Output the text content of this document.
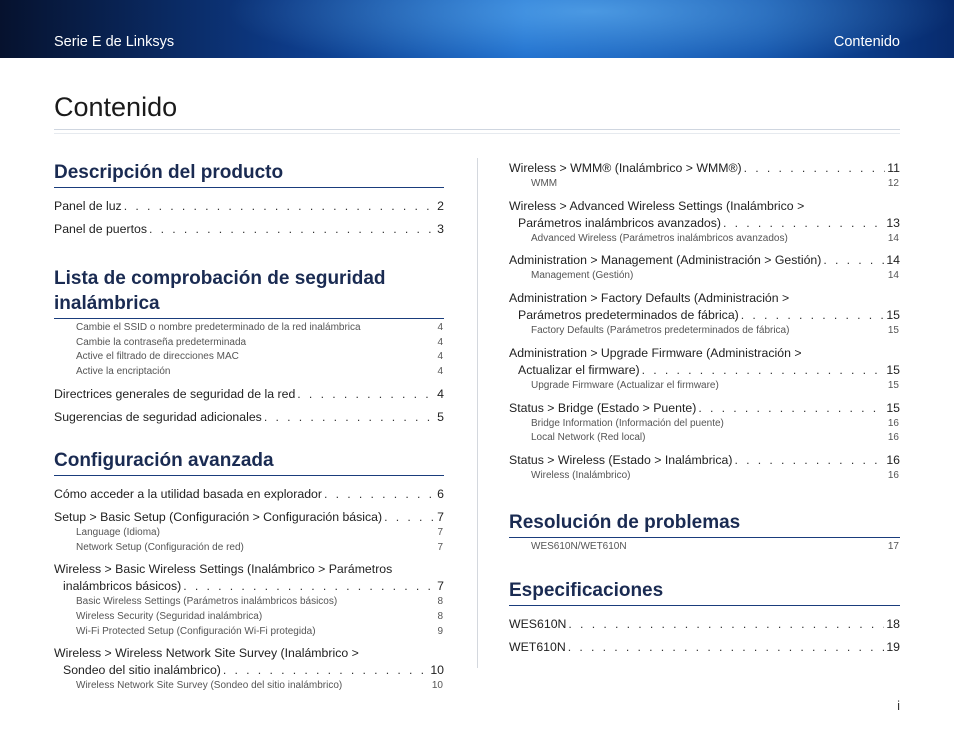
Serie E de Linksys	Contenido
Contenido
Descripción del producto
Panel de luz . . .	2
Panel de puertos . . .	3
Lista de comprobación de seguridad
inalámbrica
Cambie el SSID o nombre predeterminado de la red inalámbrica	4
Cambie la contraseña predeterminada	4
Active el filtrado de direcciones MAC	4
Active la encriptación	4
Directrices generales de seguridad de la red . . .	4
Sugerencias de seguridad adicionales . . .	5
Configuración avanzada
Cómo acceder a la utilidad basada en explorador . . .	6
Setup > Basic Setup (Configuración > Configuración básica) . . .	7
Language (Idioma)	7
Network Setup (Configuración de red)	7
Wireless > Basic Wireless Settings (Inalámbrico > Parámetros
inalámbricos básicos) . . .	7
Basic Wireless Settings (Parámetros inalámbricos básicos)	8
Wireless Security (Seguridad inalámbrica)	8
Wi-Fi Protected Setup (Configuración Wi-Fi protegida)	9
Wireless > Wireless Network Site Survey (Inalámbrico >
Sondeo del sitio inalámbrico) . . .	10
Wireless Network Site Survey (Sondeo del sitio inalámbrico)	10
Wireless > WMM® (Inalámbrico > WMM®) . . .	11
WMM	12
Wireless > Advanced Wireless Settings (Inalámbrico >
Parámetros inalámbricos avanzados) . . .	13
Advanced Wireless (Parámetros inalámbricos avanzados)	14
Administration > Management (Administración > Gestión) . . .	14
Management (Gestión)	14
Administration > Factory Defaults (Administración >
Parámetros predeterminados de fábrica) . . .	15
Factory Defaults (Parámetros predeterminados de fábrica)	15
Administration > Upgrade Firmware (Administración >
Actualizar el firmware) . . .	15
Upgrade Firmware (Actualizar el firmware)	15
Status > Bridge (Estado > Puente) . . .	15
Bridge Information (Información del puente)	16
Local Network (Red local)	16
Status > Wireless (Estado > Inalámbrica) . . .	16
Wireless (Inalámbrico)	16
Resolución de problemas
WES610N/WET610N	17
Especificaciones
WES610N . . .	18
WET610N . . .	19
i
